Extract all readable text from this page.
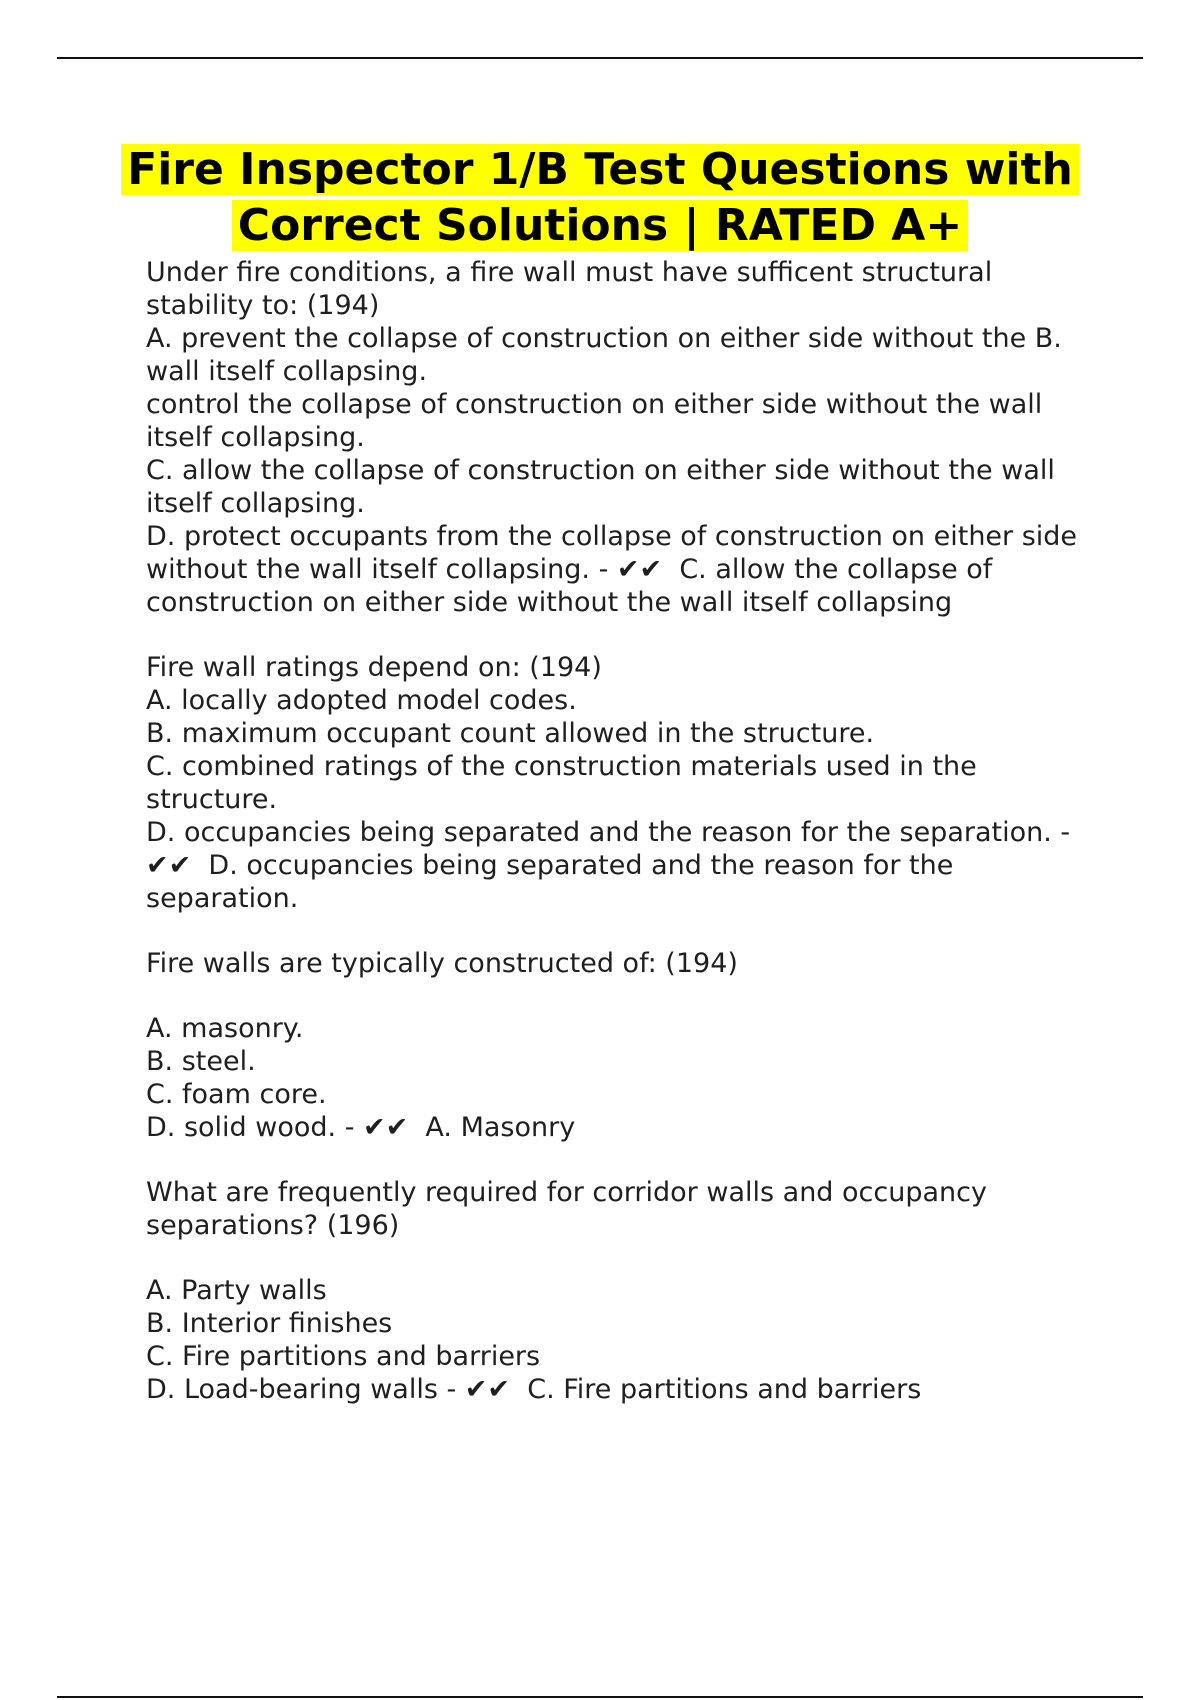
Fire Inspector 1/B Test Questions with Correct Solutions | RATED A+
Under fire conditions, a fire wall must have sufficent structural stability to: (194)
A. prevent the collapse of construction on either side without the B.
wall itself collapsing.
control the collapse of construction on either side without the wall itself collapsing.
C. allow the collapse of construction on either side without the wall itself collapsing.
D. protect occupants from the collapse of construction on either side without the wall itself collapsing. - ✔✔  C. allow the collapse of construction on either side without the wall itself collapsing
Fire wall ratings depend on: (194)
A. locally adopted model codes.
B. maximum occupant count allowed in the structure.
C. combined ratings of the construction materials used in the structure.
D. occupancies being separated and the reason for the separation. - ✔✔  D. occupancies being separated and the reason for the separation.
Fire walls are typically constructed of: (194)
A. masonry.
B. steel.
C. foam core.
D. solid wood. - ✔✔  A. Masonry
What are frequently required for corridor walls and occupancy separations? (196)
A. Party walls
B. Interior finishes
C. Fire partitions and barriers
D. Load-bearing walls - ✔✔  C. Fire partitions and barriers
